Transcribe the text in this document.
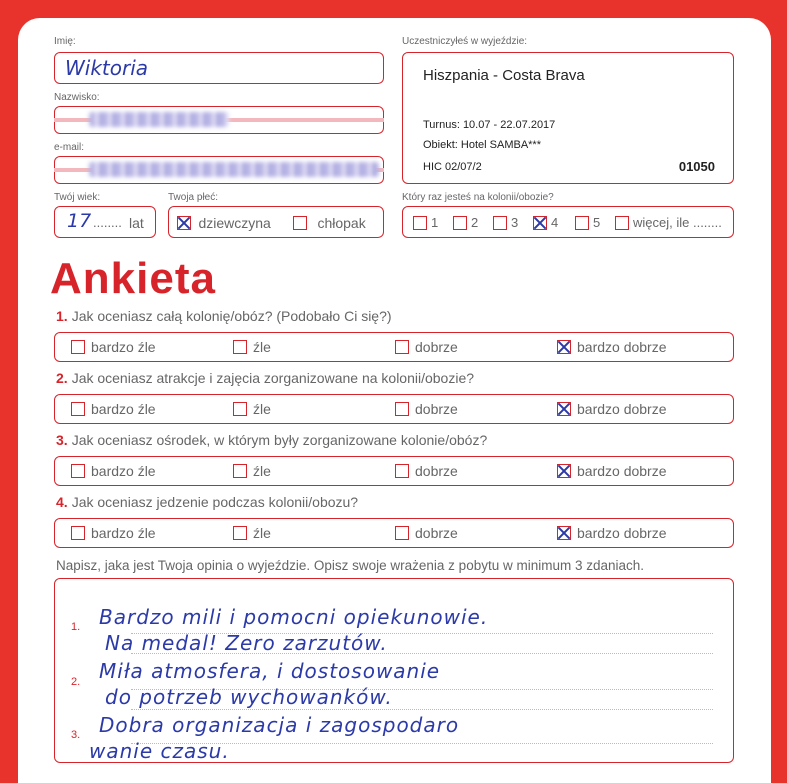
Imię:
Wiktoria
Nazwisko:
e-mail:
Uczestniczyłeś w wyjeździe:
Hiszpania - Costa Brava
Turnus: 10.07 - 22.07.2017
Obiekt: Hotel SAMBA***
HIC 02/07/2	01050
Twój wiek:
17 ........ lat
Twoja płeć:
dziewczyna	chłopak
Który raz jesteś na kolonii/obozie?
1	2	3	4	5	więcej, ile ........
Ankieta
1. Jak oceniasz całą kolonię/obóz? (Podobało Ci się?)
bardzo źle	źle	dobrze	bardzo dobrze
2. Jak oceniasz atrakcje i zajęcia zorganizowane na kolonii/obozie?
bardzo źle	źle	dobrze	bardzo dobrze
3. Jak oceniasz ośrodek, w którym były zorganizowane kolonie/obóz?
bardzo źle	źle	dobrze	bardzo dobrze
4. Jak oceniasz jedzenie podczas kolonii/obozu?
bardzo źle	źle	dobrze	bardzo dobrze
Napisz, jaka jest Twoja opinia o wyjeździe. Opisz swoje wrażenia z pobytu w minimum 3 zdaniach.
1.
2.
3.
Bardzo mili i pomocni opiekunowie.
Na medal! Zero zarzutów.
Miła atmosfera, i dostosowanie
do potrzeb wychowanków.
Dobra organizacja i zagospodaro
wanie czasu.
